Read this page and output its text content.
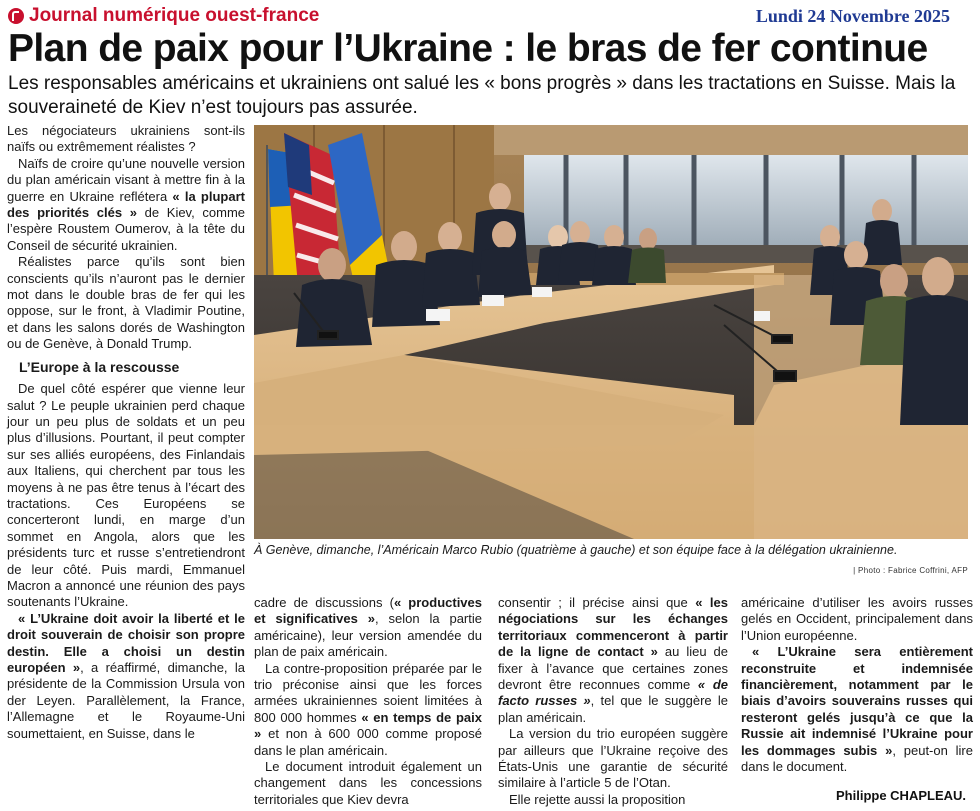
Journal numérique ouest-france	Lundi 24 Novembre 2025
Plan de paix pour l’Ukraine : le bras de fer continue
Les responsables américains et ukrainiens ont salué les « bons progrès » dans les tractations en Suisse. Mais la souveraineté de Kiev n’est toujours pas assurée.

Les négociateurs ukrainiens sont-ils naïfs ou extrêmement réalistes ?

Naïfs de croire qu’une nouvelle version du plan américain visant à mettre fin à la guerre en Ukraine reflétera « la plupart des priorités clés » de Kiev, comme l’espère Roustem Oumerov, à la tête du Conseil de sécurité ukrainien.

Réalistes parce qu’ils sont bien conscients qu’ils n’auront pas le dernier mot dans le double bras de fer qui les oppose, sur le front, à Vladimir Poutine, et dans les salons dorés de Washington ou de Genève, à Donald Trump.

L’Europe à la rescousse

De quel côté espérer que vienne leur salut ? Le peuple ukrainien perd chaque jour un peu plus de soldats et un peu plus d’illusions. Pourtant, il peut compter sur ses alliés européens, des Finlandais aux Italiens, qui cherchent par tous les moyens à ne pas être tenus à l’écart des tractations. Ces Européens se concerteront lundi, en marge d’un sommet en Angola, alors que les présidents turc et russe s’entretiendront de leur côté. Puis mardi, Emmanuel Macron a annoncé une réunion des pays soutenants l’Ukraine.

« L’Ukraine doit avoir la liberté et le droit souverain de choisir son propre destin. Elle a choisi un destin européen », a réaffirmé, dimanche, la présidente de la Commission Ursula von der Leyen. Parallèlement, la France, l’Allemagne et le Royaume-Uni soumettaient, en Suisse, dans le

À Genève, dimanche, l’Américain Marco Rubio (quatrième à gauche) et son équipe face à la délégation ukrainienne.
| Photo : Fabrice Coffrini, AFP

cadre de discussions (« productives et significatives », selon la partie américaine), leur version amendée du plan de paix américain.

La contre-proposition préparée par le trio préconise ainsi que les forces armées ukrainiennes soient limitées à 800 000 hommes « en temps de paix » et non à 600 000 comme proposé dans le plan américain.

Le document introduit également un changement dans les concessions territoriales que Kiev devra

consentir ; il précise ainsi que « les négociations sur les échanges territoriaux commenceront à partir de la ligne de contact » au lieu de fixer à l’avance que certaines zones devront être reconnues comme « de facto russes », tel que le suggère le plan américain.

La version du trio européen suggère par ailleurs que l’Ukraine reçoive des États-Unis une garantie de sécurité similaire à l’article 5 de l’Otan.

Elle rejette aussi la proposition

américaine d’utiliser les avoirs russes gelés en Occident, principalement dans l’Union européenne.

« L’Ukraine sera entièrement reconstruite et indemnisée financièrement, notamment par le biais d’avoirs souverains russes qui resteront gelés jusqu’à ce que la Russie ait indemnisé l’Ukraine pour les dommages subis », peut-on lire dans le document.

Philippe CHAPLEAU.
